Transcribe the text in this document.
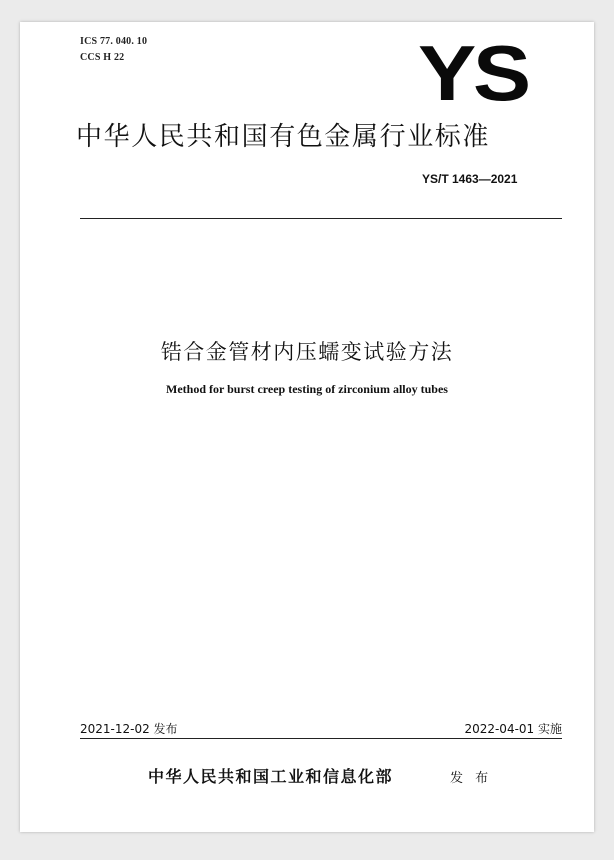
ICS 77. 040. 10
CCS H 22	YS
中华人民共和国有色金属行业标准
YS/T 1463—2021
锆合金管材内压蠕变试验方法
Method for burst creep testing of zirconium alloy tubes
2021-12-02 发布	2022-04-01 实施
中华人民共和国工业和信息化部	发 布
